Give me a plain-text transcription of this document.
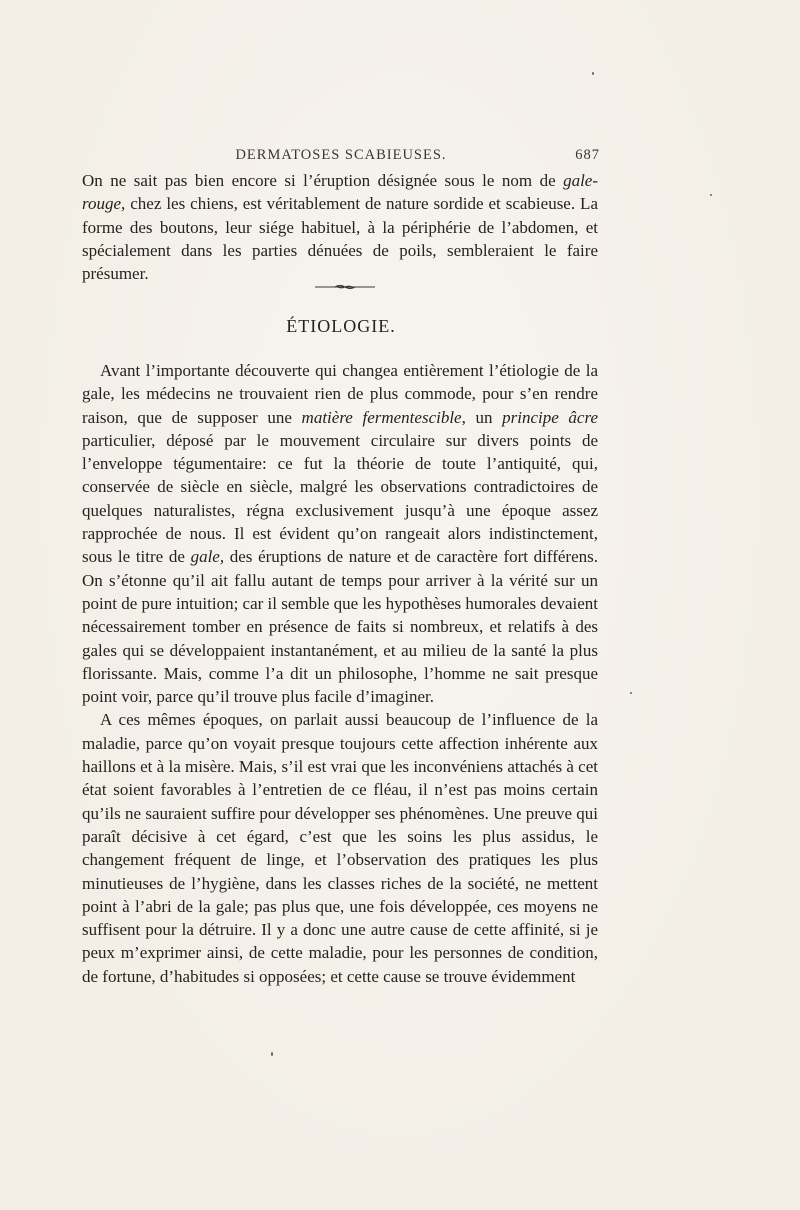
DERMATOSES SCABIEUSES.	687

On ne sait pas bien encore si l’éruption désignée sous le nom de gale-rouge, chez les chiens, est véritablement de nature sordide et scabieuse. La forme des boutons, leur siége habituel, à la périphérie de l’abdomen, et spécialement dans les parties dénuées de poils, sembleraient le faire présumer.

ÉTIOLOGIE.

Avant l’importante découverte qui changea entièrement l’étiologie de la gale, les médecins ne trouvaient rien de plus commode, pour s’en rendre raison, que de supposer une matière fermentescible, un principe âcre particulier, déposé par le mouvement circulaire sur divers points de l’enveloppe tégumentaire: ce fut la théorie de toute l’antiquité, qui, conservée de siècle en siècle, malgré les observations contradictoires de quelques naturalistes, régna exclusivement jusqu’à une époque assez rapprochée de nous. Il est évident qu’on rangeait alors indistinctement, sous le titre de gale, des éruptions de nature et de caractère fort différens. On s’étonne qu’il ait fallu autant de temps pour arriver à la vérité sur un point de pure intuition; car il semble que les hypothèses humorales devaient nécessairement tomber en présence de faits si nombreux, et relatifs à des gales qui se développaient instantanément, et au milieu de la santé la plus florissante. Mais, comme l’a dit un philosophe, l’homme ne sait presque point voir, parce qu’il trouve plus facile d’imaginer.

A ces mêmes époques, on parlait aussi beaucoup de l’influence de la maladie, parce qu’on voyait presque toujours cette affection inhérente aux haillons et à la misère. Mais, s’il est vrai que les inconvéniens attachés à cet état soient favorables à l’entretien de ce fléau, il n’est pas moins certain qu’ils ne sauraient suffire pour développer ses phénomènes. Une preuve qui paraît décisive à cet égard, c’est que les soins les plus assidus, le changement fréquent de linge, et l’observation des pratiques les plus minutieuses de l’hygiène, dans les classes riches de la société, ne mettent point à l’abri de la gale; pas plus que, une fois développée, ces moyens ne suffisent pour la détruire. Il y a donc une autre cause de cette affinité, si je peux m’exprimer ainsi, de cette maladie, pour les personnes de condition, de fortune, d’habitudes si opposées; et cette cause se trouve évidemment
